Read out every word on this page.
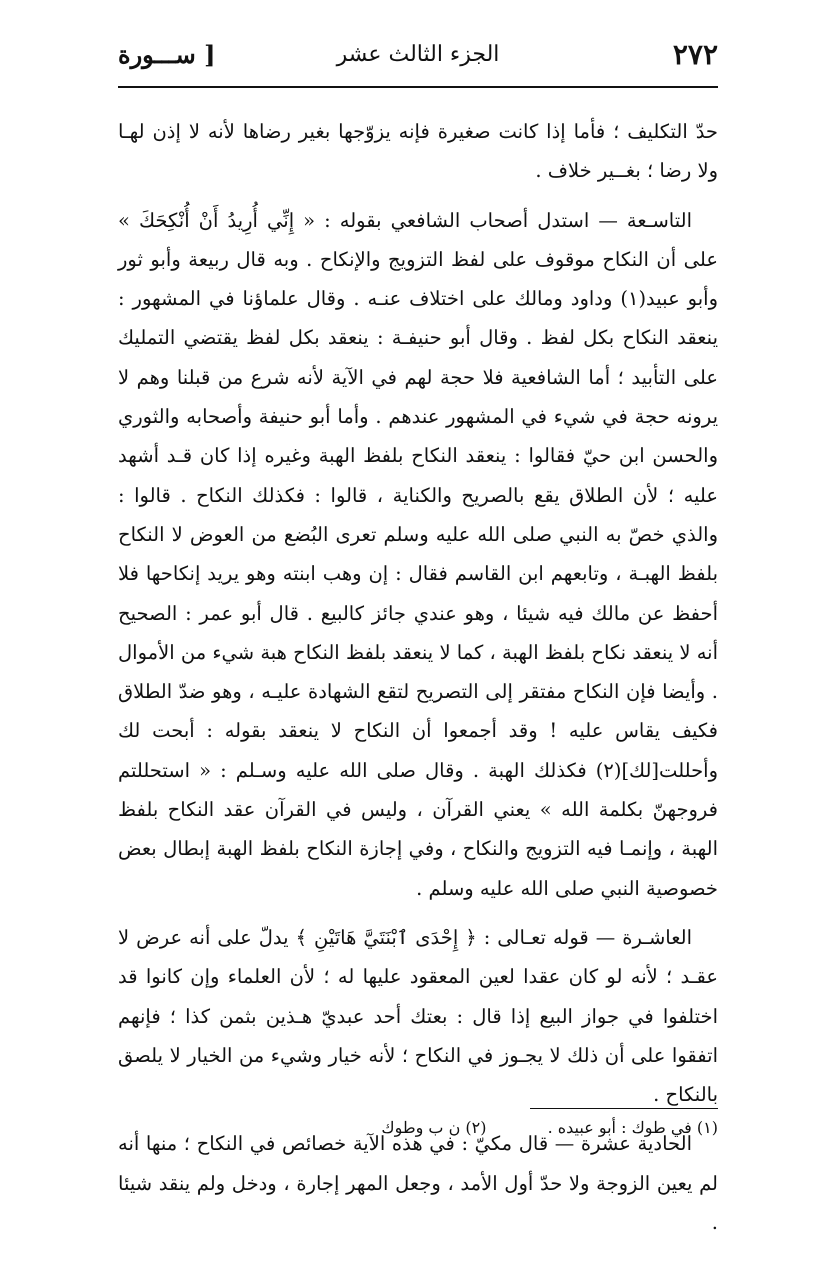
٢٧٢
الجزء الثالث عشر
[ ســـورة

حدّ التكليف ؛ فأما إذا كانت صغيرة فإنه يزوّجها بغير رضاها لأنه لا إذن لهـا ولا رضا ؛ بغــير خلاف .

التاسـعة — استدل أصحاب الشافعي بقوله : « إِنِّي أُرِيدُ أَنْ أُنْكِحَكَ » على أن النكاح موقوف على لفظ التزويج والإنكاح . وبه قال ربيعة وأبو ثور وأبو عبيد(١) وداود ومالك على اختلاف عنـه . وقال علماؤنا في المشهور : ينعقد النكاح بكل لفظ . وقال أبو حنيفـة : ينعقد بكل لفظ يقتضي التمليك على التأبيد ؛ أما الشافعية فلا حجة لهم في الآية لأنه شرع من قبلنا وهم لا يرونه حجة في شيء في المشهور عندهم . وأما أبو حنيفة وأصحابه والثوري والحسن ابن حيّ فقالوا : ينعقد النكاح بلفظ الهبة وغيره إذا كان قـد أشهد عليه ؛ لأن الطلاق يقع بالصريح والكناية ، قالوا : فكذلك النكاح . قالوا : والذي خصّ به النبي صلى الله عليه وسلم تعرى البُضع من العوض لا النكاح بلفظ الهبـة ، وتابعهم ابن القاسم فقال : إن وهب ابنته وهو يريد إنكاحها فلا أحفظ عن مالك فيه شيئا ، وهو عندي جائز كالبيع . قال أبو عمر : الصحيح أنه لا ينعقد نكاح بلفظ الهبة ، كما لا ينعقد بلفظ النكاح هبة شيء من الأموال . وأيضا فإن النكاح مفتقر إلى التصريح لتقع الشهادة عليـه ، وهو ضدّ الطلاق فكيف يقاس عليه ! وقد أجمعوا أن النكاح لا ينعقد بقوله : أبحت لك وأحللت[لك](٢) فكذلك الهبة . وقال صلى الله عليه وسـلم : « استحللتم فروجهنّ بكلمة الله » يعني القرآن ، وليس في القرآن عقد النكاح بلفظ الهبة ، وإنمـا فيه التزويج والنكاح ، وفي إجازة النكاح بلفظ الهبة إبطال بعض خصوصية النبي صلى الله عليه وسلم .

العاشـرة — قوله تعـالى : ﴿ إِحْدَى ٱبْنَتَيَّ هَاتَيْنِ ﴾ يدلّ على أنه عرض لا عقـد ؛ لأنه لو كان عقدا لعين المعقود عليها له ؛ لأن العلماء وإن كانوا قد اختلفوا في جواز البيع إذا قال : بعتك أحد عبديّ هـذين بثمن كذا ؛ فإنهم اتفقوا على أن ذلك لا يجـوز في النكاح ؛ لأنه خيار وشيء من الخيار لا يلصق بالنكاح .

الحادية عشرة — قال مكيّ : في هذه الآية خصائص في النكاح ؛ منها أنه لم يعين الزوجة ولا حدّ أول الأمد ، وجعل المهر إجارة ، ودخل ولم ينقد شيئا .

(١) في طوك : أبو عبيده . (٢) ن ب وطوك
